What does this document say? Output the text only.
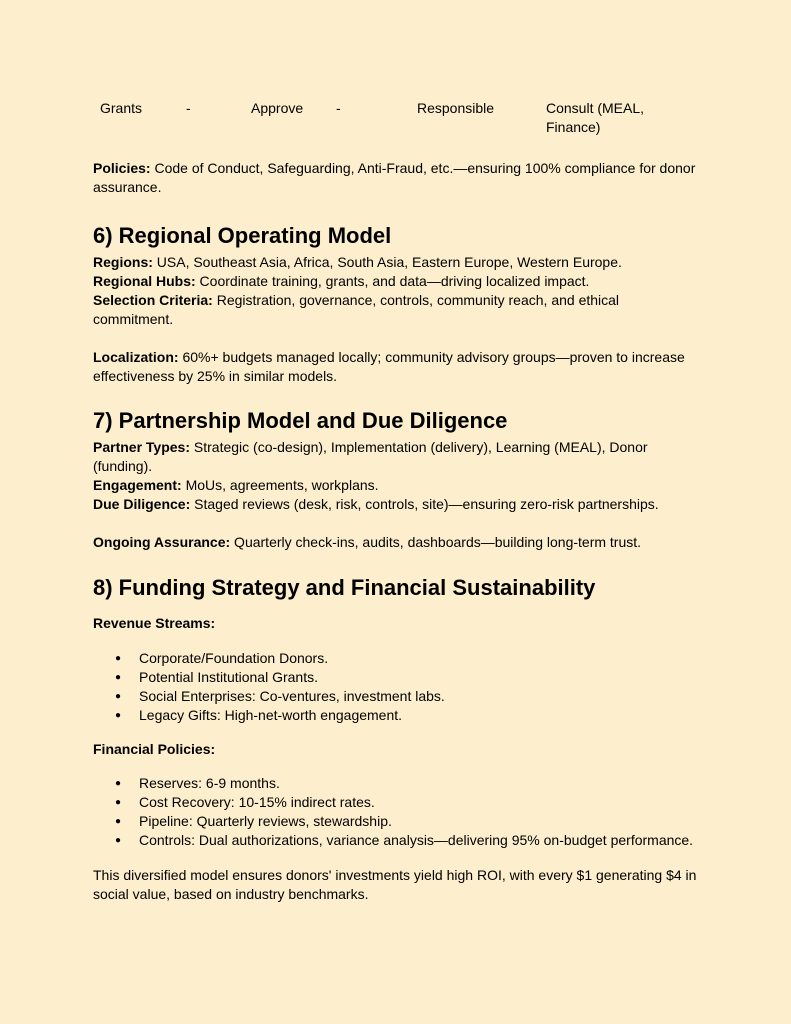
Grants	-	Approve -	Responsible	Consult (MEAL, Finance)

Policies: Code of Conduct, Safeguarding, Anti-Fraud, etc.—ensuring 100% compliance for donor assurance.

6) Regional Operating Model

Regions: USA, Southeast Asia, Africa, South Asia, Eastern Europe, Western Europe.

Regional Hubs: Coordinate training, grants, and data—driving localized impact.

Selection Criteria: Registration, governance, controls, community reach, and ethical commitment.

Localization: 60%+ budgets managed locally; community advisory groups—proven to increase effectiveness by 25% in similar models.

7) Partnership Model and Due Diligence

Partner Types: Strategic (co-design), Implementation (delivery), Learning (MEAL), Donor (funding).

Engagement: MoUs, agreements, workplans.

Due Diligence: Staged reviews (desk, risk, controls, site)—ensuring zero-risk partnerships.

Ongoing Assurance: Quarterly check-ins, audits, dashboards—building long-term trust.

8) Funding Strategy and Financial Sustainability

Revenue Streams:

● Corporate/Foundation Donors.
● Potential Institutional Grants.
● Social Enterprises: Co-ventures, investment labs.
● Legacy Gifts: High-net-worth engagement.

Financial Policies:

● Reserves: 6-9 months.
● Cost Recovery: 10-15% indirect rates.
● Pipeline: Quarterly reviews, stewardship.
● Controls: Dual authorizations, variance analysis—delivering 95% on-budget performance.

This diversified model ensures donors' investments yield high ROI, with every $1 generating $4 in social value, based on industry benchmarks.
